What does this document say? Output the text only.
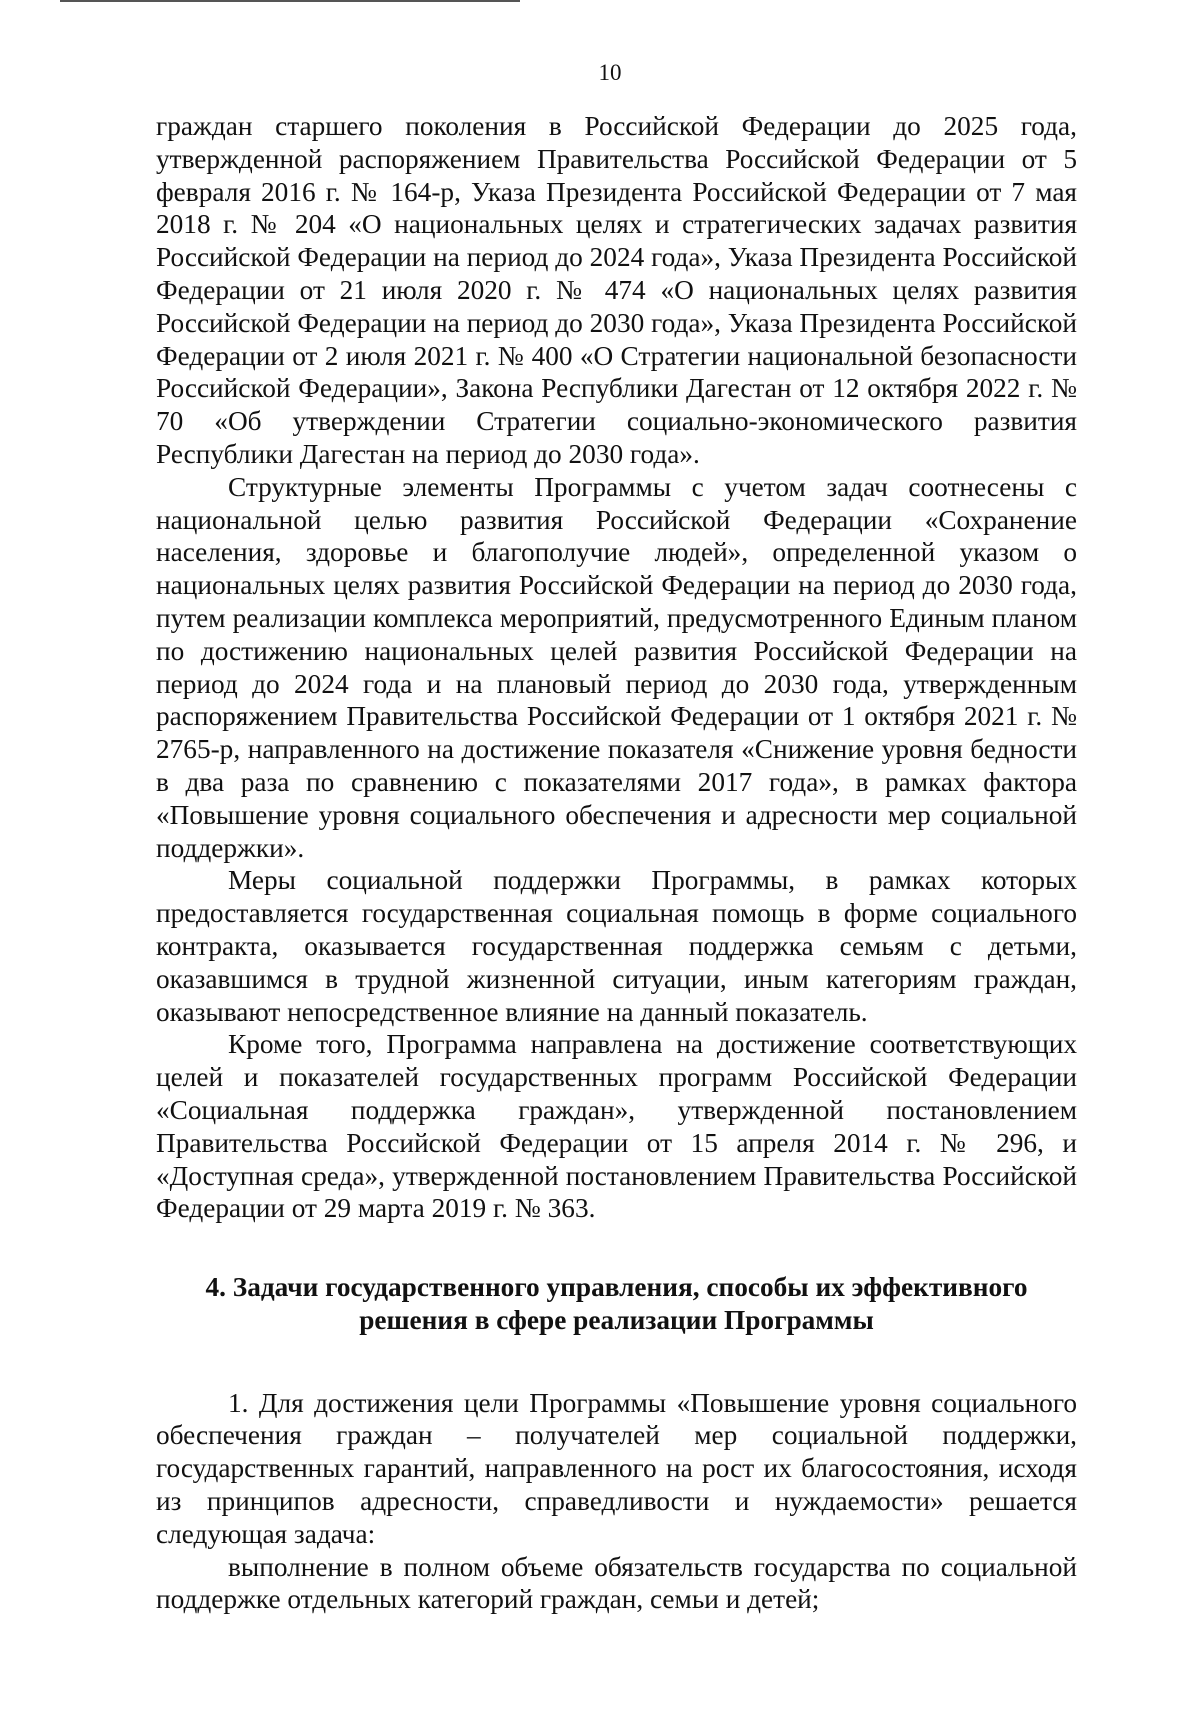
10

граждан старшего поколения в Российской Федерации до 2025 года, утвержденной распоряжением Правительства Российской Федерации от 5 февраля 2016 г. № 164-р, Указа Президента Российской Федерации от 7 мая 2018 г. № 204 «О национальных целях и стратегических задачах развития Российской Федерации на период до 2024 года», Указа Президента Российской Федерации от 21 июля 2020 г. № 474 «О национальных целях развития Российской Федерации на период до 2030 года», Указа Президента Российской Федерации от 2 июля 2021 г. № 400 «О Стратегии национальной безопасности Российской Федерации», Закона Республики Дагестан от 12 октября 2022 г. № 70 «Об утверждении Стратегии социально-экономического развития Республики Дагестан на период до 2030 года».

Структурные элементы Программы с учетом задач соотнесены с национальной целью развития Российской Федерации «Сохранение населения, здоровье и благополучие людей», определенной указом о национальных целях развития Российской Федерации на период до 2030 года, путем реализации комплекса мероприятий, предусмотренного Единым планом по достижению национальных целей развития Российской Федерации на период до 2024 года и на плановый период до 2030 года, утвержденным распоряжением Правительства Российской Федерации от 1 октября 2021 г. № 2765-р, направленного на достижение показателя «Снижение уровня бедности в два раза по сравнению с показателями 2017 года», в рамках фактора «Повышение уровня социального обеспечения и адресности мер социальной поддержки».

Меры социальной поддержки Программы, в рамках которых предоставляется государственная социальная помощь в форме социального контракта, оказывается государственная поддержка семьям с детьми, оказавшимся в трудной жизненной ситуации, иным категориям граждан, оказывают непосредственное влияние на данный показатель.

Кроме того, Программа направлена на достижение соответствующих целей и показателей государственных программ Российской Федерации «Социальная поддержка граждан», утвержденной постановлением Правительства Российской Федерации от 15 апреля 2014 г. № 296, и «Доступная среда», утвержденной постановлением Правительства Российской Федерации от 29 марта 2019 г. № 363.

4. Задачи государственного управления, способы их эффективного
решения в сфере реализации Программы

1. Для достижения цели Программы «Повышение уровня социального обеспечения граждан – получателей мер социальной поддержки, государственных гарантий, направленного на рост их благосостояния, исходя из принципов адресности, справедливости и нуждаемости» решается следующая задача:

выполнение в полном объеме обязательств государства по социальной поддержке отдельных категорий граждан, семьи и детей;
